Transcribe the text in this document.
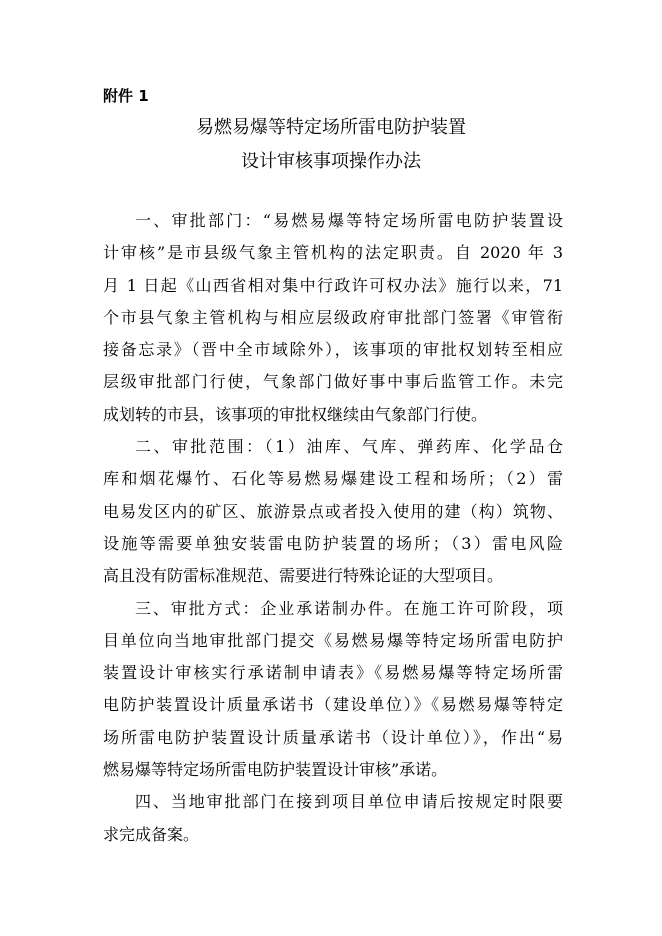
附件 1
易燃易爆等特定场所雷电防护装置
设计审核事项操作办法

一、审批部门：“易燃易爆等特定场所雷电防护装置设
计审核”是市县级气象主管机构的法定职责。自 2020 年 3
月 1 日起《山西省相对集中行政许可权办法》施行以来，71
个市县气象主管机构与相应层级政府审批部门签署《审管衔
接备忘录》（晋中全市域除外），该事项的审批权划转至相应
层级审批部门行使，气象部门做好事中事后监管工作。未完
成划转的市县，该事项的审批权继续由气象部门行使。

二、审批范围：（1）油库、气库、弹药库、化学品仓
库和烟花爆竹、石化等易燃易爆建设工程和场所；（2）雷
电易发区内的矿区、旅游景点或者投入使用的建（构）筑物、
设施等需要单独安装雷电防护装置的场所；（3）雷电风险
高且没有防雷标准规范、需要进行特殊论证的大型项目。

三、审批方式：企业承诺制办件。在施工许可阶段，项
目单位向当地审批部门提交《易燃易爆等特定场所雷电防护
装置设计审核实行承诺制申请表》《易燃易爆等特定场所雷
电防护装置设计质量承诺书（建设单位）》《易燃易爆等特定
场所雷电防护装置设计质量承诺书（设计单位）》，作出“易
燃易爆等特定场所雷电防护装置设计审核”承诺。

四、当地审批部门在接到项目单位申请后按规定时限要
求完成备案。
